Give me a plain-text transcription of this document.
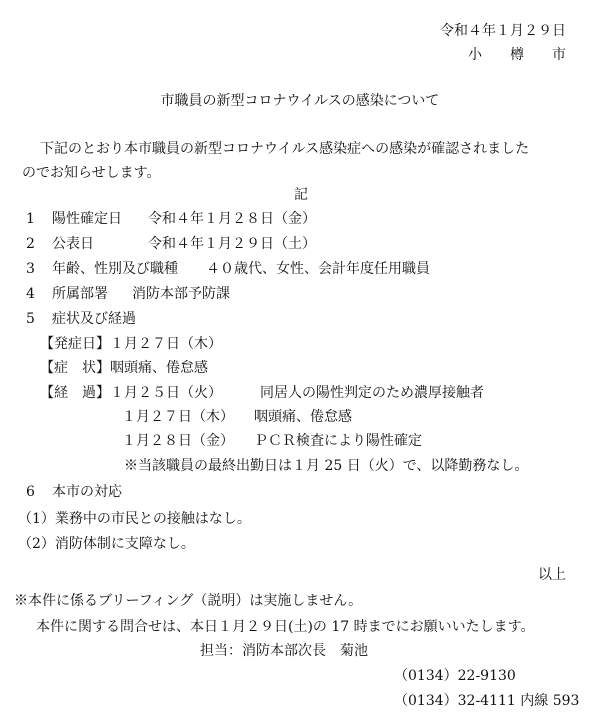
令和４年１月２９日
小　　樽　　市
市職員の新型コロナウイルスの感染について
下記のとおり本市職員の新型コロナウイルス感染症への感染が確認されました
のでお知らせします。
記
1 陽性確定日 令和４年１月２８日（金）
2 公表日	令和４年１月２９日（土）
3 年齢、性別及び職種 ４０歳代、女性、会計年度任用職員
4 所属部署 消防本部予防課
5 症状及び経過
【発症日】１月２７日（木）
【症　状】咽頭痛、倦怠感
【経　過】１月２５日（火）	同居人の陽性判定のため濃厚接触者
１月２７日（木） 咽頭痛、倦怠感
１月２８日（金） ＰＣＲ検査により陽性確定
※当該職員の最終出勤日は１月 25 日（火）で、以降勤務なし。
6 本市の対応
（1）業務中の市民との接触はなし。
（2）消防体制に支障なし。
以上
※本件に係るブリーフィング（説明）は実施しません。
本件に関する問合せは、本日１月２９日(土)の 17 時までにお願いいたします。
担当：消防本部次長　菊池
（0134）22-9130
（0134）32-4111 内線 593
